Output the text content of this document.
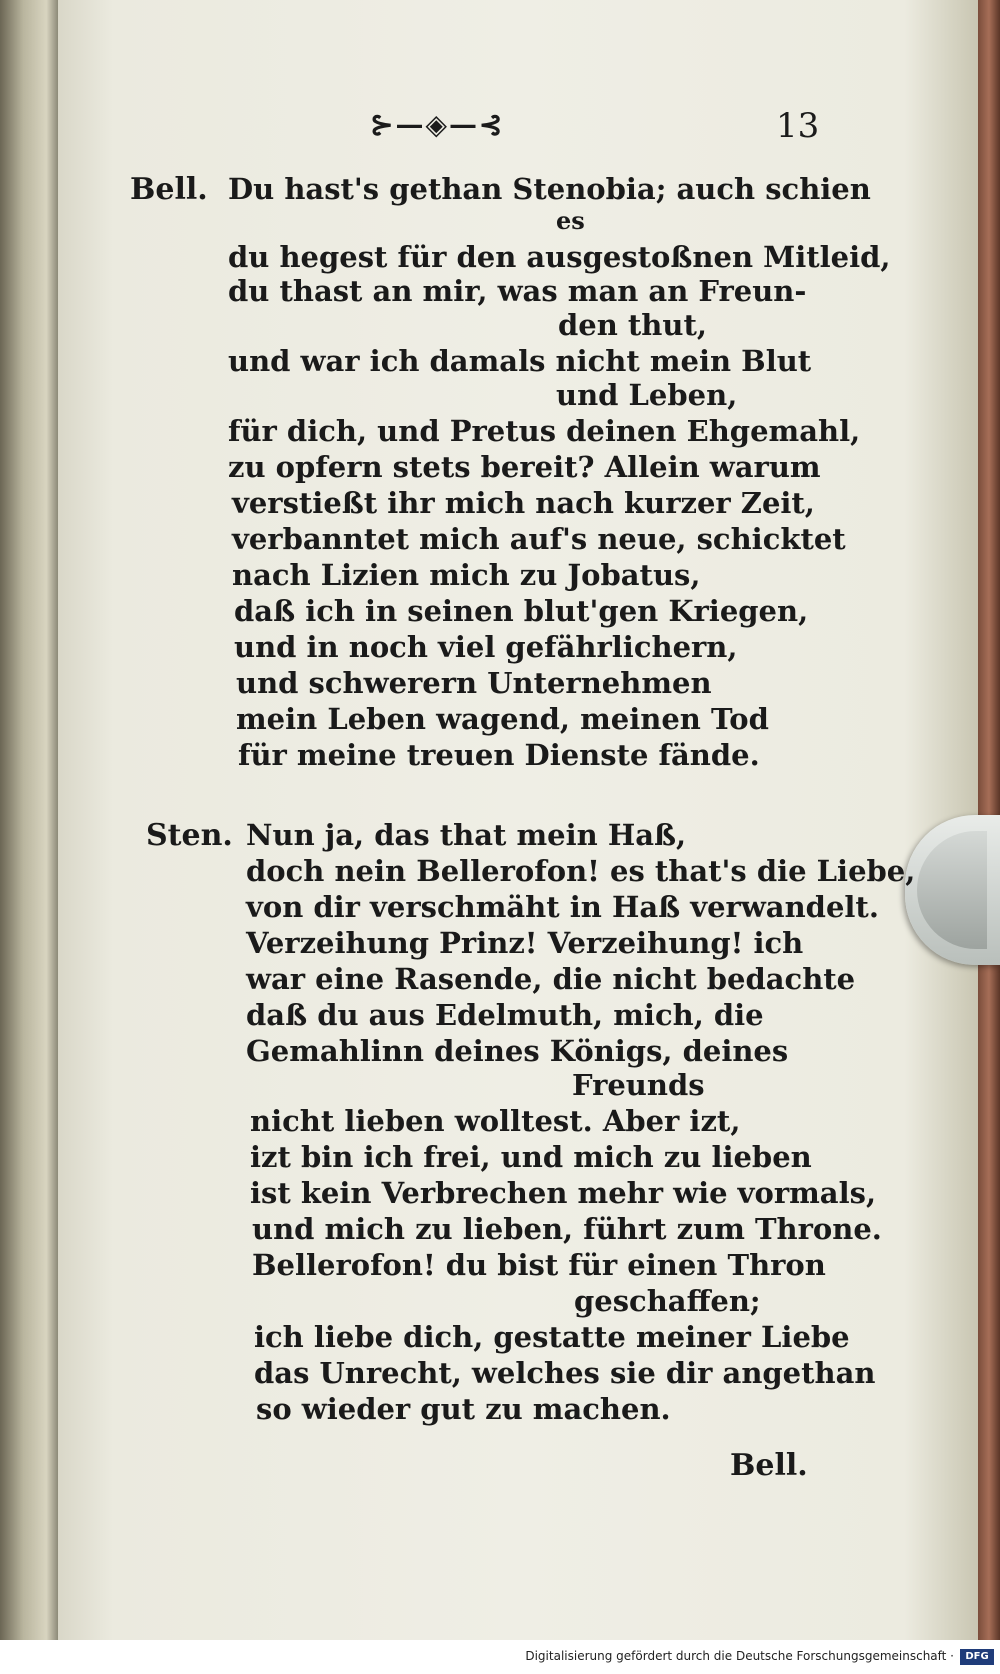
⊱—◈—⊰	13
Bell. Du hast's gethan Stenobia; auch schien
es
du hegest für den ausgestoßnen Mitleid,
du thast an mir, was man an Freun-
den thut,
und war ich damals nicht mein Blut
und Leben,
für dich, und Pretus deinen Ehgemahl,
zu opfern stets bereit? Allein warum
verstießt ihr mich nach kurzer Zeit,
verbanntet mich auf's neue, schicktet
nach Lizien mich zu Jobatus,
daß ich in seinen blut'gen Kriegen,
und in noch viel gefährlichern,
und schwerern Unternehmen
mein Leben wagend, meinen Tod
für meine treuen Dienste fände.
Sten. Nun ja, das that mein Haß,
doch nein Bellerofon! es that's die Liebe,
von dir verschmäht in Haß verwandelt.
Verzeihung Prinz! Verzeihung! ich
war eine Rasende, die nicht bedachte
daß du aus Edelmuth, mich, die
Gemahlinn deines Königs, deines
Freunds
nicht lieben wolltest. Aber izt,
izt bin ich frei, und mich zu lieben
ist kein Verbrechen mehr wie vormals,
und mich zu lieben, führt zum Throne.
Bellerofon! du bist für einen Thron
geschaffen;
ich liebe dich, gestatte meiner Liebe
das Unrecht, welches sie dir angethan
so wieder gut zu machen.
Bell.
Digitalisierung gefördert durch die Deutsche Forschungsgemeinschaft ·	DFG
